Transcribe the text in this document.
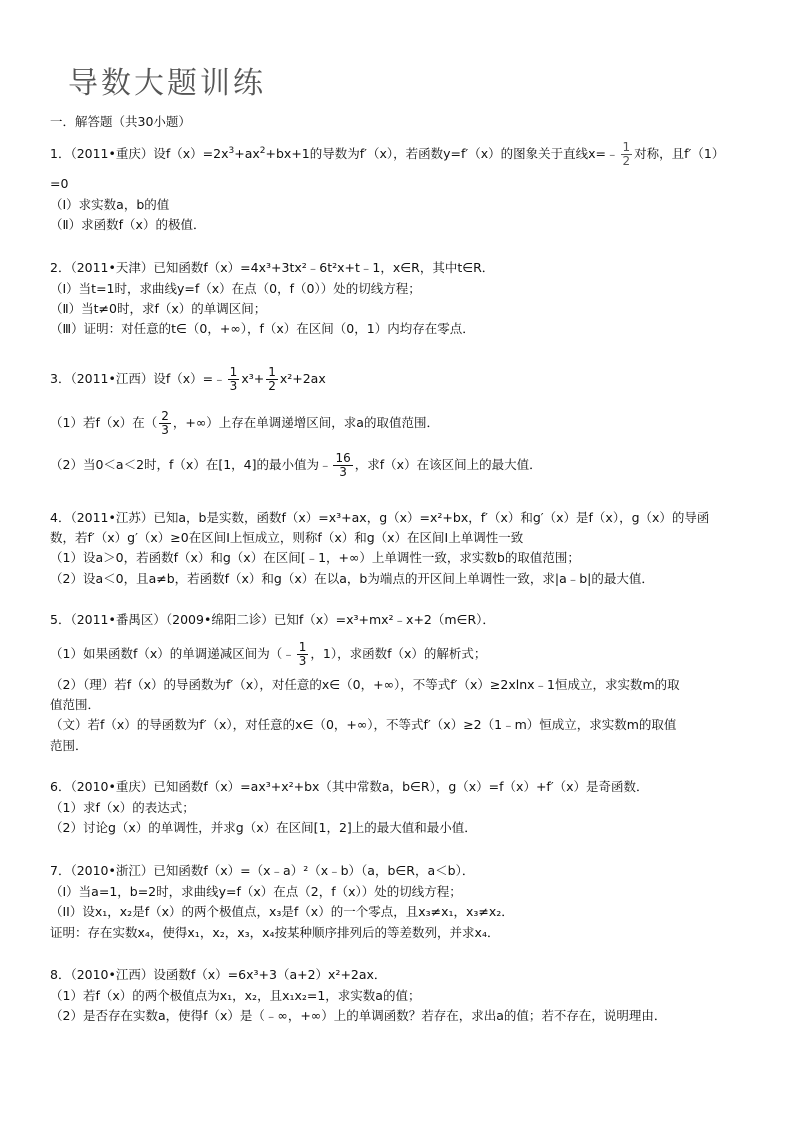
导数大题训练
一．解答题（共30小题）
1．（2011•重庆）设$f(x)=2x^3+ax^2+bx+1$的导数为f′（x），若函数y=f′（x）的图象关于直线x=﹣ $\frac{1}{2}$ 对称，且f′（1）
=0
（Ⅰ）求实数a，b的值
（Ⅱ）求函数f（x）的极值．
2．（2011•天津）已知函数f（x）=4x³+3tx²﹣6t²x+t﹣1，x∈R，其中t∈R．
（Ⅰ）当t=1时，求曲线y=f（x）在点（0，f（0））处的切线方程；
（Ⅱ）当t≠0时，求f（x）的单调区间；
（Ⅲ）证明：对任意的t∈（0，+∞），f（x）在区间（0，1）内均存在零点．
3．（2011•江西）设f（x）=﹣ $\frac{1}{3} x^3+ \frac{1}{2} x^2+2ax$
（1）若f（x）在（ $\frac{2}{3}$ ，+∞）上存在单调递增区间，求a的取值范围．
（2）当0＜a＜2时，f（x）在[1，4]的最小值为﹣ $\frac{16}{3}$ ，求f（x）在该区间上的最大值．
4．（2011•江苏）已知a，b是实数，函数f（x）=x³+ax，g（x）=x²+bx，f′（x）和g′（x）是f（x），g（x）的导函
数，若f′（x）g′（x）≥0在区间I上恒成立，则称f（x）和g（x）在区间I上单调性一致
（1）设a＞0，若函数f（x）和g（x）在区间[﹣1，+∞）上单调性一致，求实数b的取值范围；
（2）设a＜0，且a≠b，若函数f（x）和g（x）在以a，b为端点的开区间上单调性一致，求|a﹣b|的最大值．
5．（2011•番禺区）（2009•绵阳二诊）已知f（x）=x³+mx²﹣x+2（m∈R）．
（1）如果函数f（x）的单调递减区间为（﹣ $\frac{1}{3}$ ，1），求函数f（x）的解析式；
（2）（理）若f（x）的导函数为f′（x），对任意的x∈（0，+∞），不等式f′（x）≥2xlnx﹣1恒成立，求实数m的取
值范围．
（文）若f（x）的导函数为f′（x），对任意的x∈（0，+∞），不等式f′（x）≥2（1﹣m）恒成立，求实数m的取值
范围．
6．（2010•重庆）已知函数f（x）=ax³+x²+bx（其中常数a，b∈R），g（x）=f（x）+f′（x）是奇函数．
（1）求f（x）的表达式；
（2）讨论g（x）的单调性，并求g（x）在区间[1，2]上的最大值和最小值．
7．（2010•浙江）已知函数f（x）=（x﹣a）²（x﹣b）（a，b∈R，a＜b）．
（I）当a=1，b=2时，求曲线y=f（x）在点（2，f（x））处的切线方程；
（II）设x₁，x₂是f（x）的两个极值点，x₃是f（x）的一个零点，且x₃≠x₁，x₃≠x₂．
证明：存在实数x₄，使得x₁，x₂，x₃，x₄按某种顺序排列后的等差数列，并求x₄．
8．（2010•江西）设函数f（x）=6x³+3（a+2）x²+2ax．
（1）若f（x）的两个极值点为x₁，x₂，且x₁x₂=1，求实数a的值；
（2）是否存在实数a，使得f（x）是（﹣∞，+∞）上的单调函数？若存在，求出a的值；若不存在，说明理由．
